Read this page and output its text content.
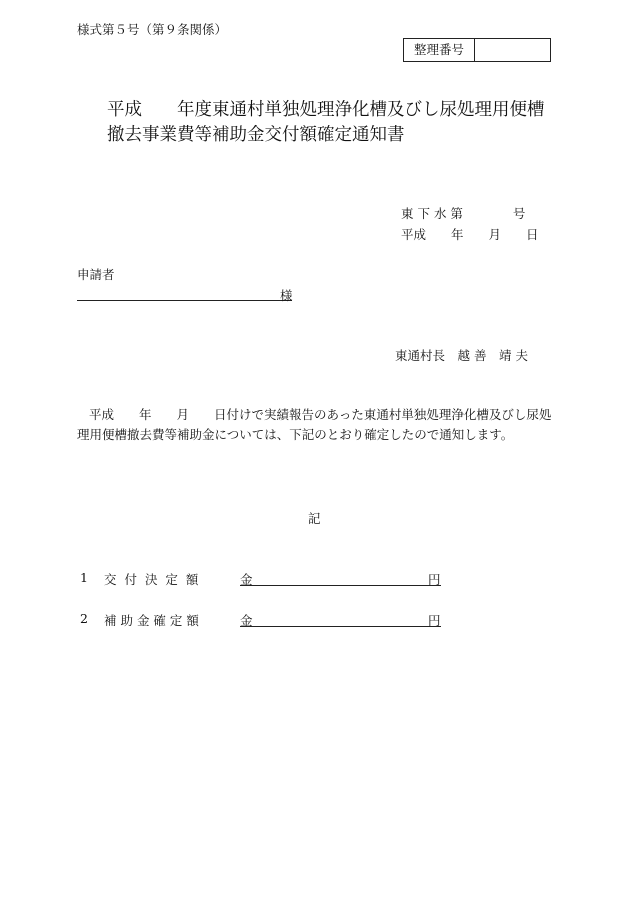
様式第５号（第９条関係）
整理番号
平成　　年度東通村単独処理浄化槽及びし尿処理用便槽
撤去事業費等補助金交付額確定通知書
東 下 水 第　　　　号
平成　　年　　月　　日
申請者
様
東通村長　越 善　靖 夫
平成　　年　　月　　日付けで実績報告のあった東通村単独処理浄化槽及びし尿処理用便槽撤去費等補助金については、下記のとおり確定したので通知します。
記
1 交 付 決 定 額	金	円
2 補 助 金 確 定 額	金	円
